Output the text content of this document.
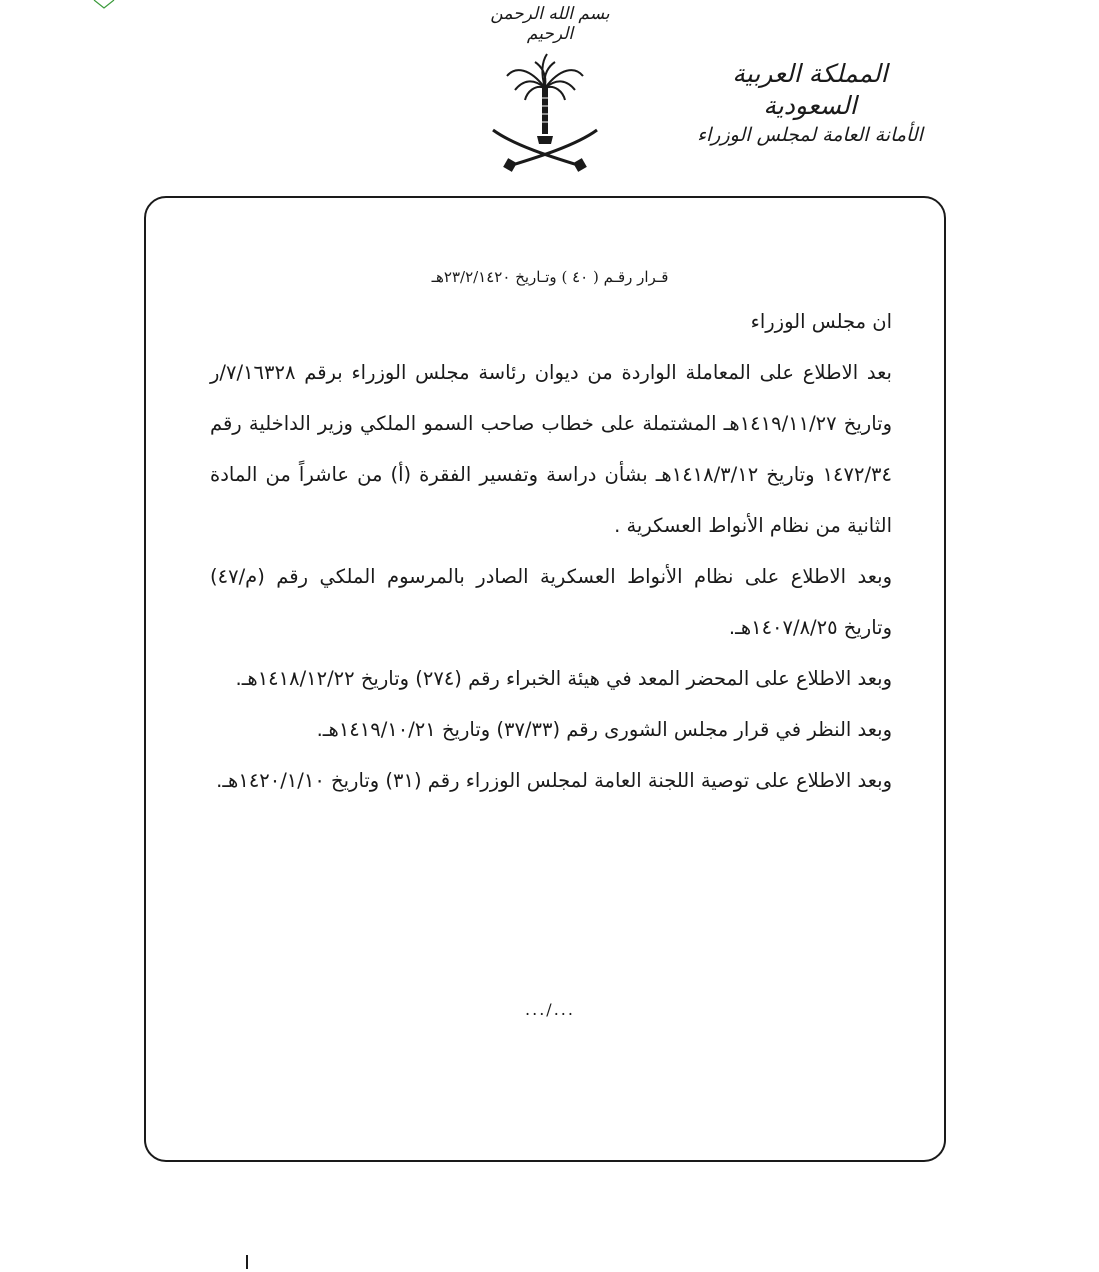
بسم الله الرحمن الرحيم
المملكة العربية السعودية
الأمانة العامة لمجلس الوزراء
قـرار رقـم ( ٤٠ ) وتـاريخ ٢٣/٢/١٤٢٠هـ

ان مجلس الوزراء

بعد الاطلاع على المعاملة الواردة من ديوان رئاسة مجلس الوزراء برقم ٧/١٦٣٢٨/ر وتاريخ ١٤١٩/١١/٢٧هـ المشتملة على خطاب صاحب السمو الملكي وزير الداخلية رقم ١٤٧٢/٣٤ وتاريخ ١٤١٨/٣/١٢هـ بشأن دراسة وتفسير الفقرة (أ) من عاشراً من المادة الثانية من نظام الأنواط العسكرية .

وبعد الاطلاع على نظام الأنواط العسكرية الصادر بالمرسوم الملكي رقم (م/٤٧) وتاريخ ١٤٠٧/٨/٢٥هـ.

وبعد الاطلاع على المحضر المعد في هيئة الخبراء رقم (٢٧٤) وتاريخ ١٤١٨/١٢/٢٢هـ.

وبعد النظر في قرار مجلس الشورى رقم (٣٧/٣٣) وتاريخ ١٤١٩/١٠/٢١هـ.

وبعد الاطلاع على توصية اللجنة العامة لمجلس الوزراء رقم (٣١) وتاريخ ١٤٢٠/١/١٠هـ.

.../...
